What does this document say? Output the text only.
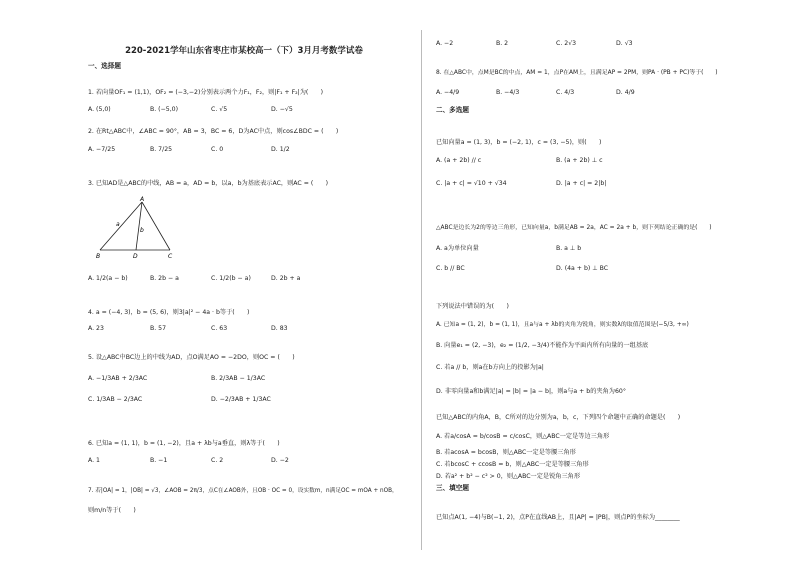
220-2021学年山东省枣庄市某校高一（下）3月月考数学试卷
一、选择题
1. 若向量OF₁ = (1,1)，OF₂ = (−3,−2)分别表示两个力F₁，F₂，则|F₁ + F₂|为(　　)
A. (5,0)	B. (−5,0)	C. √5	D. −√5
2. 在Rt△ABC中，∠ABC = 90°，AB = 3，BC = 6，D为AC中点，则cos∠BDC = (　　)
A. −7/25	B. 7/25	C. 0	D. 1/2
3. 已知AD是△ABC的中线，AB = a，AD = b，以a，b为基底表示AC，则AC = (　　)
A
a
b
B	D	C
A. 1/2(a − b)	B. 2b − a	C. 1/2(b − a)	D. 2b + a
4. a = (−4, 3)，b = (5, 6)，则3|a|² − 4a · b等于(　　)
A. 23	B. 57	C. 63	D. 83
5. 设△ABC中BC边上的中线为AD，点O满足AO = −2DO，则OC = (　　)
A. −1/3AB + 2/3AC	B. 2/3AB − 1/3AC
C. 1/3AB − 2/3AC	D. −2/3AB + 1/3AC
6. 已知a = (1, 1)，b = (1, −2)，且a + λb与a垂直，则λ等于(　　)
A. 1	B. −1	C. 2	D. −2
7. 若|OA| = 1，|OB| = √3，∠AOB = 2π/3，点C在∠AOB外，且OB · OC = 0，设实数m，n满足OC = mOA + nOB，
则m/n等于(　　)
A. −2	B. 2	C. 2√3	D. √3
8. 在△ABC中，点M是BC的中点，AM = 1，点P在AM上，且满足AP = 2PM，则PA · (PB + PC)等于(　　)
A. −4/9	B. −4/3	C. 4/3	D. 4/9
二、多选题
已知向量a = (1, 3)，b = (−2, 1)，c = (3, −5)，则(　　)
A. (a + 2b) // c	B. (a + 2b) ⊥ c
C. |a + c| = √10 + √34	D. |a + c| = 2|b|
△ABC是边长为2的等边三角形，已知向量a，b满足AB = 2a，AC = 2a + b，则下列结论正确的是(　　)
A. a为单位向量	B. a ⊥ b
C. b // BC	D. (4a + b) ⊥ BC
下列说法中错误的为(　　)
A. 已知a = (1, 2)，b = (1, 1)，且a与a + λb的夹角为锐角，则实数λ的取值范围是(−5/3, +∞)
B. 向量e₁ = (2, −3)，e₂ = (1/2, −3/4)不能作为平面内所有向量的一组基底
C. 若a // b，则a在b方向上的投影为|a|
D. 非零向量a和b满足|a| = |b| = |a − b|，则a与a + b的夹角为60°
已知△ABC的内角A，B，C所对的边分别为a，b，c，下列四个命题中正确的命题是(　　)
A. 若a/cosA = b/cosB = c/cosC，则△ABC一定是等边三角形
B. 若acosA = bcosB，则△ABC一定是等腰三角形
C. 若bcosC + ccosB = b，则△ABC一定是等腰三角形
D. 若a² + b² − c² > 0，则△ABC一定是锐角三角形
三、填空题
已知点A(1, −4)与B(−1, 2)，点P在直线AB上，且|AP| = |PB|，则点P的坐标为________
